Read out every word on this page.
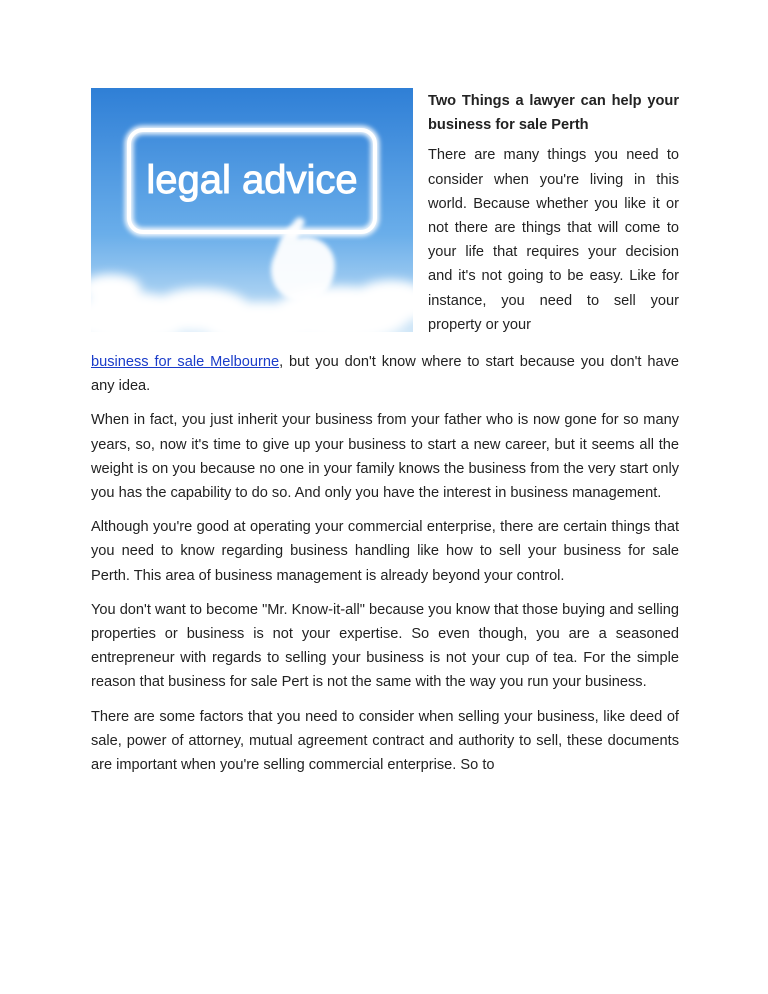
legal advice

Two Things a lawyer can help your business for sale Perth

There are many things you need to consider when you're living in this world. Because whether you like it or not there are things that will come to your life that requires your decision and it's not going to be easy. Like for instance, you need to sell your property or your

business for sale Melbourne, but you don't know where to start because you don't have any idea.

When in fact, you just inherit your business from your father who is now gone for so many years, so, now it's time to give up your business to start a new career, but it seems all the weight is on you because no one in your family knows the business from the very start only you has the capability to do so. And only you have the interest in business management.

Although you're good at operating your commercial enterprise, there are certain things that you need to know regarding business handling like how to sell your business for sale Perth. This area of business management is already beyond your control.

You don't want to become "Mr. Know-it-all" because you know that those buying and selling properties or business is not your expertise. So even though, you are a seasoned entrepreneur with regards to selling your business is not your cup of tea. For the simple reason that business for sale Pert is not the same with the way you run your business.

There are some factors that you need to consider when selling your business, like deed of sale, power of attorney, mutual agreement contract and authority to sell, these documents are important when you're selling commercial enterprise. So to
